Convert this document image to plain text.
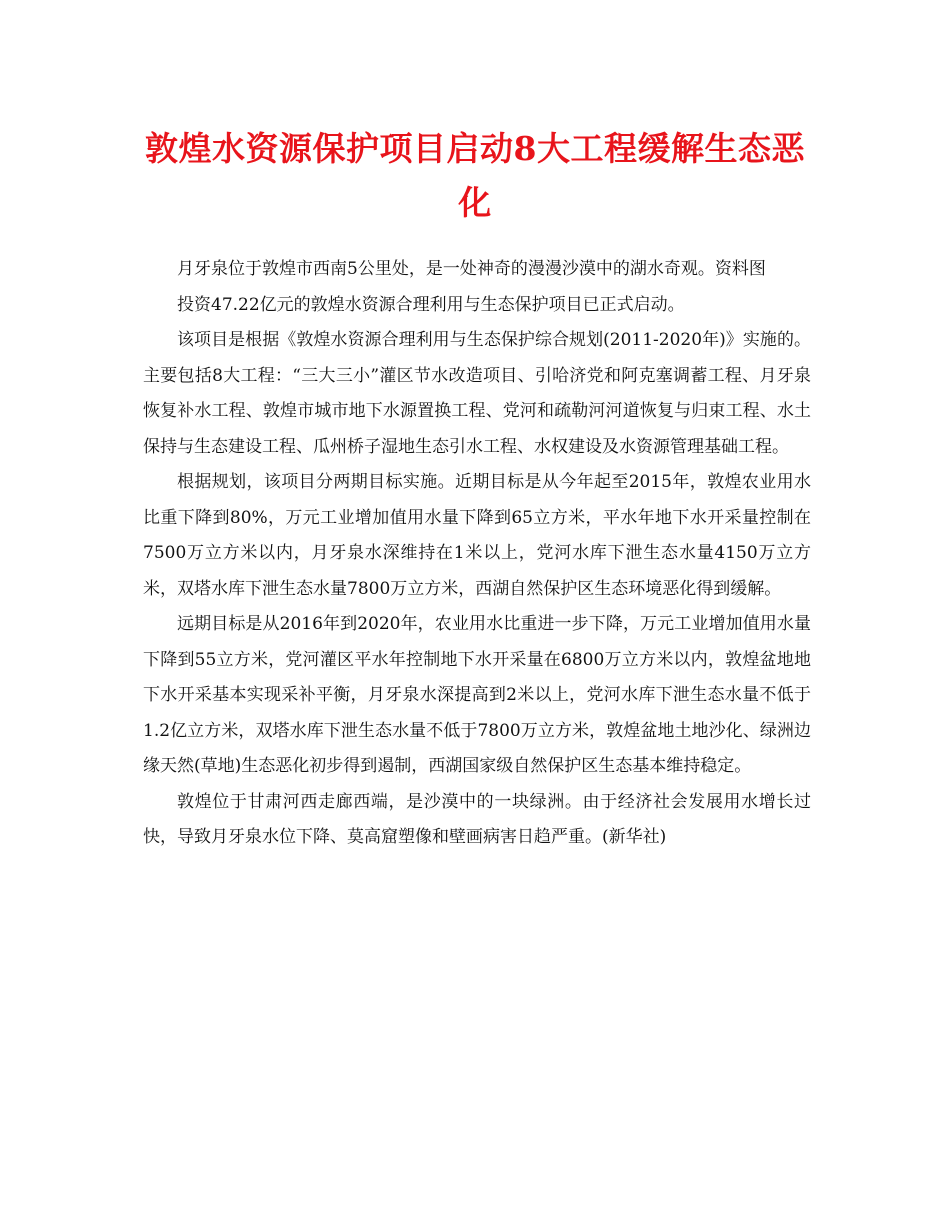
敦煌水资源保护项目启动8大工程缓解生态恶化

月牙泉位于敦煌市西南5公里处，是一处神奇的漫漫沙漠中的湖水奇观。资料图

投资47.22亿元的敦煌水资源合理利用与生态保护项目已正式启动。

该项目是根据《敦煌水资源合理利用与生态保护综合规划(2011-2020年)》实施的。主要包括8大工程：“三大三小”灌区节水改造项目、引哈济党和阿克塞调蓄工程、月牙泉恢复补水工程、敦煌市城市地下水源置换工程、党河和疏勒河河道恢复与归束工程、水土保持与生态建设工程、瓜州桥子湿地生态引水工程、水权建设及水资源管理基础工程。

根据规划，该项目分两期目标实施。近期目标是从今年起至2015年，敦煌农业用水比重下降到80%，万元工业增加值用水量下降到65立方米，平水年地下水开采量控制在7500万立方米以内，月牙泉水深维持在1米以上，党河水库下泄生态水量4150万立方米，双塔水库下泄生态水量7800万立方米，西湖自然保护区生态环境恶化得到缓解。

远期目标是从2016年到2020年，农业用水比重进一步下降，万元工业增加值用水量下降到55立方米，党河灌区平水年控制地下水开采量在6800万立方米以内，敦煌盆地地下水开采基本实现采补平衡，月牙泉水深提高到2米以上，党河水库下泄生态水量不低于1.2亿立方米，双塔水库下泄生态水量不低于7800万立方米，敦煌盆地土地沙化、绿洲边缘天然(草地)生态恶化初步得到遏制，西湖国家级自然保护区生态基本维持稳定。

敦煌位于甘肃河西走廊西端，是沙漠中的一块绿洲。由于经济社会发展用水增长过快，导致月牙泉水位下降、莫高窟塑像和壁画病害日趋严重。(新华社)
